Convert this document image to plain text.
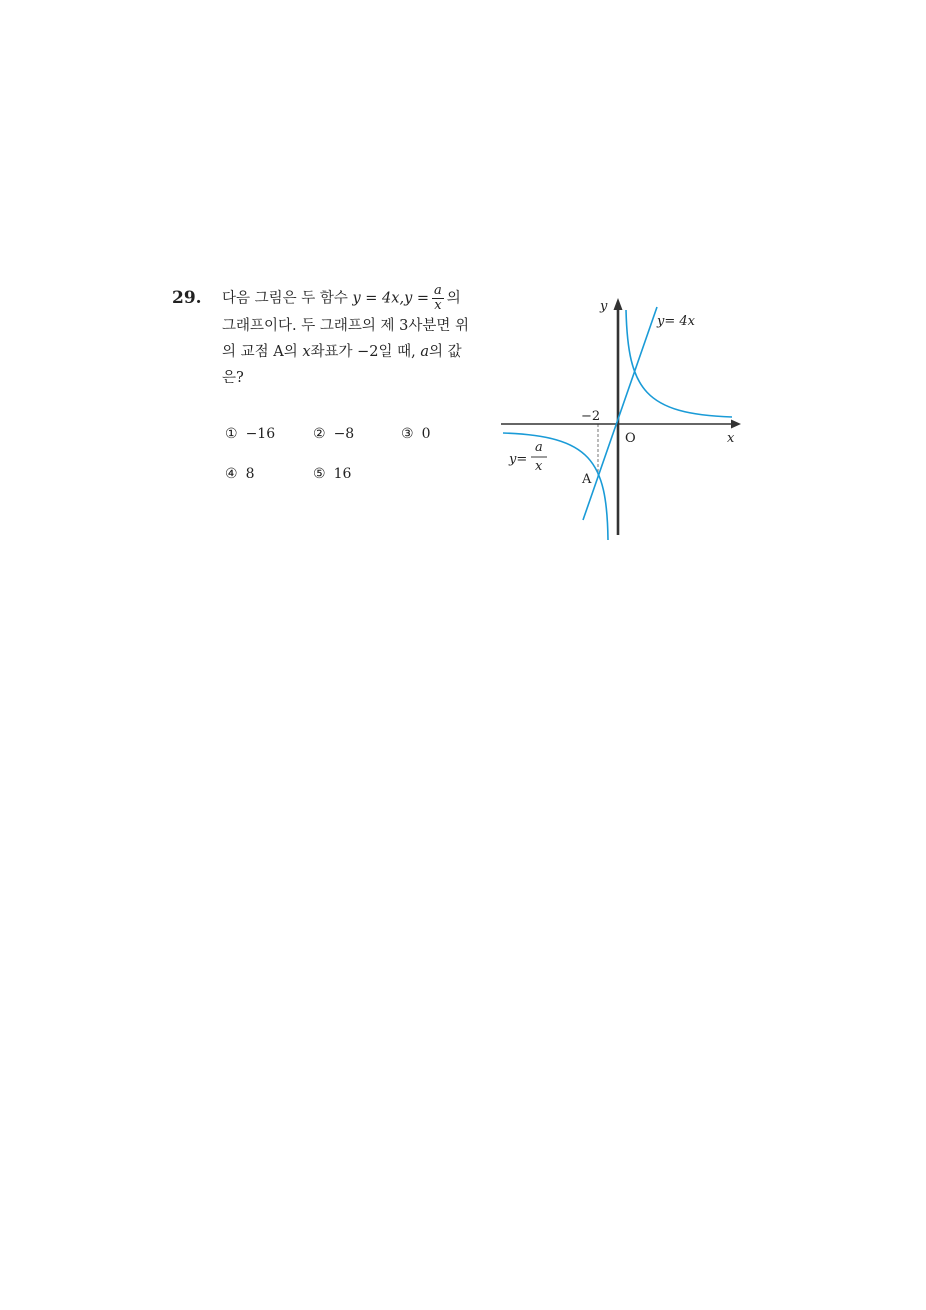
29. 다음 그림은 두 함수 $y = 4x,y = \frac{a}{x}$ 의
그래프이다. 두 그래프의 제 3사분면 위
의 교점 A의 x좌표가 −2일 때, a의 값
은?
① −16	② −8	③ 0
④ 8	⑤ 16
y
x
O
−2
y= 4x
A
y=
a
x
